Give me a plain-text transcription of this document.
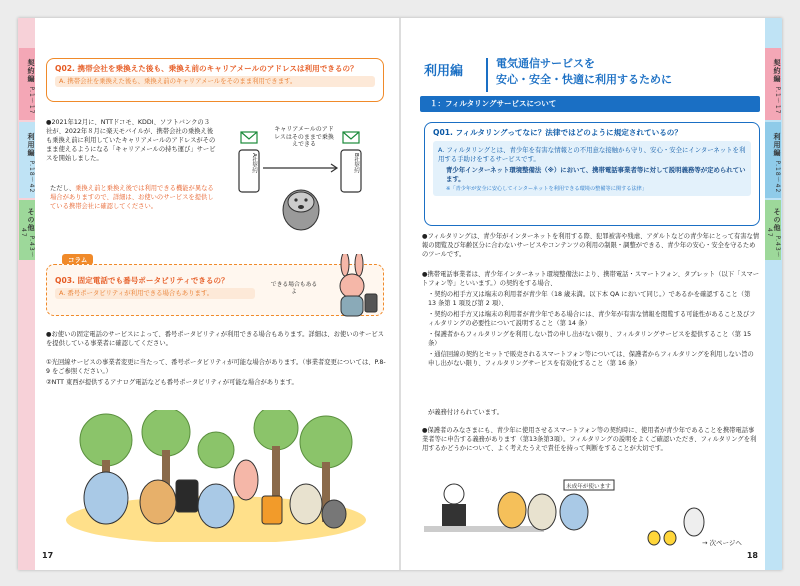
契約編 P.1〜17
利用編 P.18〜42
その他 P.43〜47
Q02. 携帯会社を乗換えた後も、乗換え前のキャリアメールのアドレスは利用できるの？
A. 携帯会社を乗換えた後も、乗換え前のキャリアメールをそのまま利用できます。
●2021年12月に、NTTドコモ、KDDI、ソフトバンクの３社が、2022年８月に楽天モバイルが、携帯会社の乗換え後も乗換え前に利用していたキャリアメールのアドレスがそのまま使えるようになる「キャリアメールの持ち運び」サービスを開始しました。
ただし、乗換え前と乗換え後では利用できる機能が異なる場合がありますので、詳細は、お使いのサービスを提供している携帯会社に確認してください。
A社契約	B社契約
キャリアメールのアドレスはそのままで乗換えできる
コラム
Q03. 固定電話でも番号ポータビリティできるの？
A. 番号ポータビリティが利用できる場合もあります。
できる場合もあるよ
●お使いの固定電話のサービスによって、番号ポータビリティが利用できる場合もあります。詳細は、お使いのサービスを提供している事業者に確認してください。
①光回線サービスの事業者変更に当たって、番号ポータビリティが可能な場合があります。（事業者変更については、P.8-9 をご参照ください。）
②NTT 東西が提供するアナログ電話なども番号ポータビリティが可能な場合があります。
17
契約編 P.1〜17
利用編 P.18〜42
その他 P.43〜47
利用編
電気通信サービスを
安心・安全・快適に利用するために
１：フィルタリングサービスについて
Q01. フィルタリングってなに？法律ではどのように規定されているの？
A. フィルタリングとは、青少年を有害な情報との不用意な接触から守り、安心・安全にインターネットを利用する手助けをするサービスです。
青少年インターネット環境整備法（※）において、携帯電話事業者等に対して説明義務等が定められています。
※「青少年が安全に安心してインターネットを利用できる環境の整備等に関する法律」
●フィルタリングは、青少年がインターネットを利用する際、犯罪被害や残虐、アダルトなどの青少年にとって有害な情報の閲覧及び年齢区分に合わないサービスやコンテンツの利用の制限・調整ができる、青少年の安心・安全を守るためのツールです。
●携帯電話事業者は、青少年インターネット環境整備法により、携帯電話・スマートフォン、タブレット（以下「スマートフォン等」といいます。）の契約をする場合、
・契約の相手方又は端末の利用者が青少年（18 歳未満。以下本 QA において同じ。）であるかを確認すること（第 13 条第 1 項及び第 2 項）、
・契約の相手方又は端末の利用者が青少年である場合には、青少年が有害な情報を閲覧する可能性があること及びフィルタリングの必要性について説明すること（第 14 条）
・保護者からフィルタリングを利用しない旨の申し出がない限り、フィルタリングサービスを提供すること（第 15 条）
・通信回線の契約とセットで販売されるスマートフォン等については、保護者からフィルタリングを利用しない旨の申し出がない限り、フィルタリングサービスを有効化すること（第 16 条）
が義務付けられています。
●保護者のみなさまにも、青少年に使用させるスマートフォン等の契約時に、使用者が青少年であることを携帯電話事業者等に申告する義務があります（第13条第3項）。フィルタリングの説明をよくご確認いただき、フィルタリングを利用するかどうかについて、よく考えたうえで責任を持って判断をすることが大切です。
未成年が使います
→ 次ページへ
18
